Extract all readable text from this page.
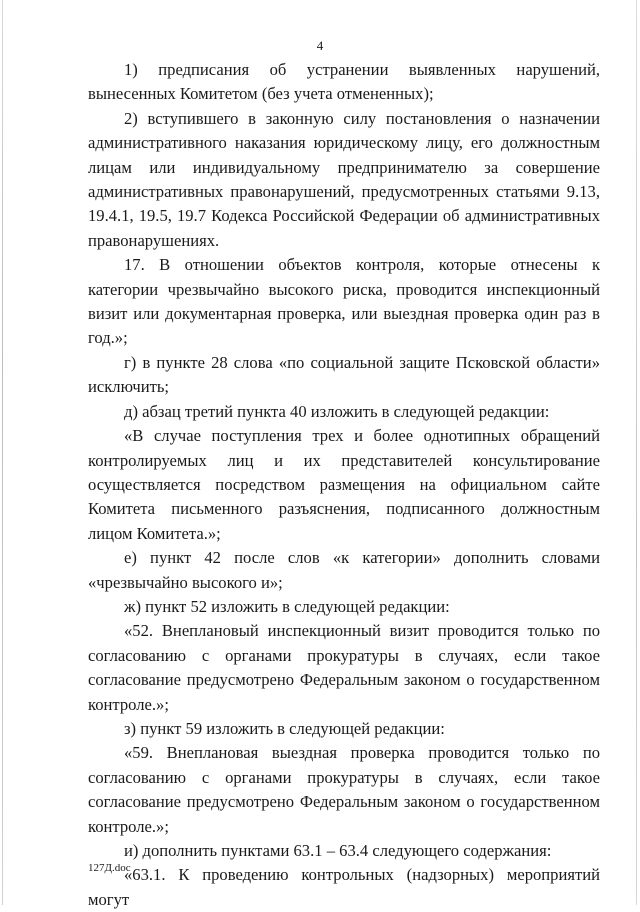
4

1) предписания об устранении выявленных нарушений, вынесенных Комитетом (без учета отмененных);

2) вступившего в законную силу постановления о назначении административного наказания юридическому лицу, его должностным лицам или индивидуальному предпринимателю за совершение административных правонарушений, предусмотренных статьями 9.13, 19.4.1, 19.5, 19.7 Кодекса Российской Федерации об административных правонарушениях.

17. В отношении объектов контроля, которые отнесены к категории чрезвычайно высокого риска, проводится инспекционный визит или документарная проверка, или выездная проверка один раз в год.»;

г) в пункте 28 слова «по социальной защите Псковской области» исключить;

д) абзац третий пункта 40 изложить в следующей редакции:

«В случае поступления трех и более однотипных обращений контролируемых лиц и их представителей консультирование осуществляется посредством размещения на официальном сайте Комитета письменного разъяснения, подписанного должностным лицом Комитета.»;

е) пункт 42 после слов «к категории» дополнить словами «чрезвычайно высокого и»;

ж) пункт 52 изложить в следующей редакции:

«52. Внеплановый инспекционный визит проводится только по согласованию с органами прокуратуры в случаях, если такое согласование предусмотрено Федеральным законом о государственном контроле.»;

з) пункт 59 изложить в следующей редакции:

«59. Внеплановая выездная проверка проводится только по согласованию с органами прокуратуры в случаях, если такое согласование предусмотрено Федеральным законом о государственном контроле.»;

и) дополнить пунктами 63.1 – 63.4 следующего содержания:

«63.1. К проведению контрольных (надзорных) мероприятий могут

127Д.doc
